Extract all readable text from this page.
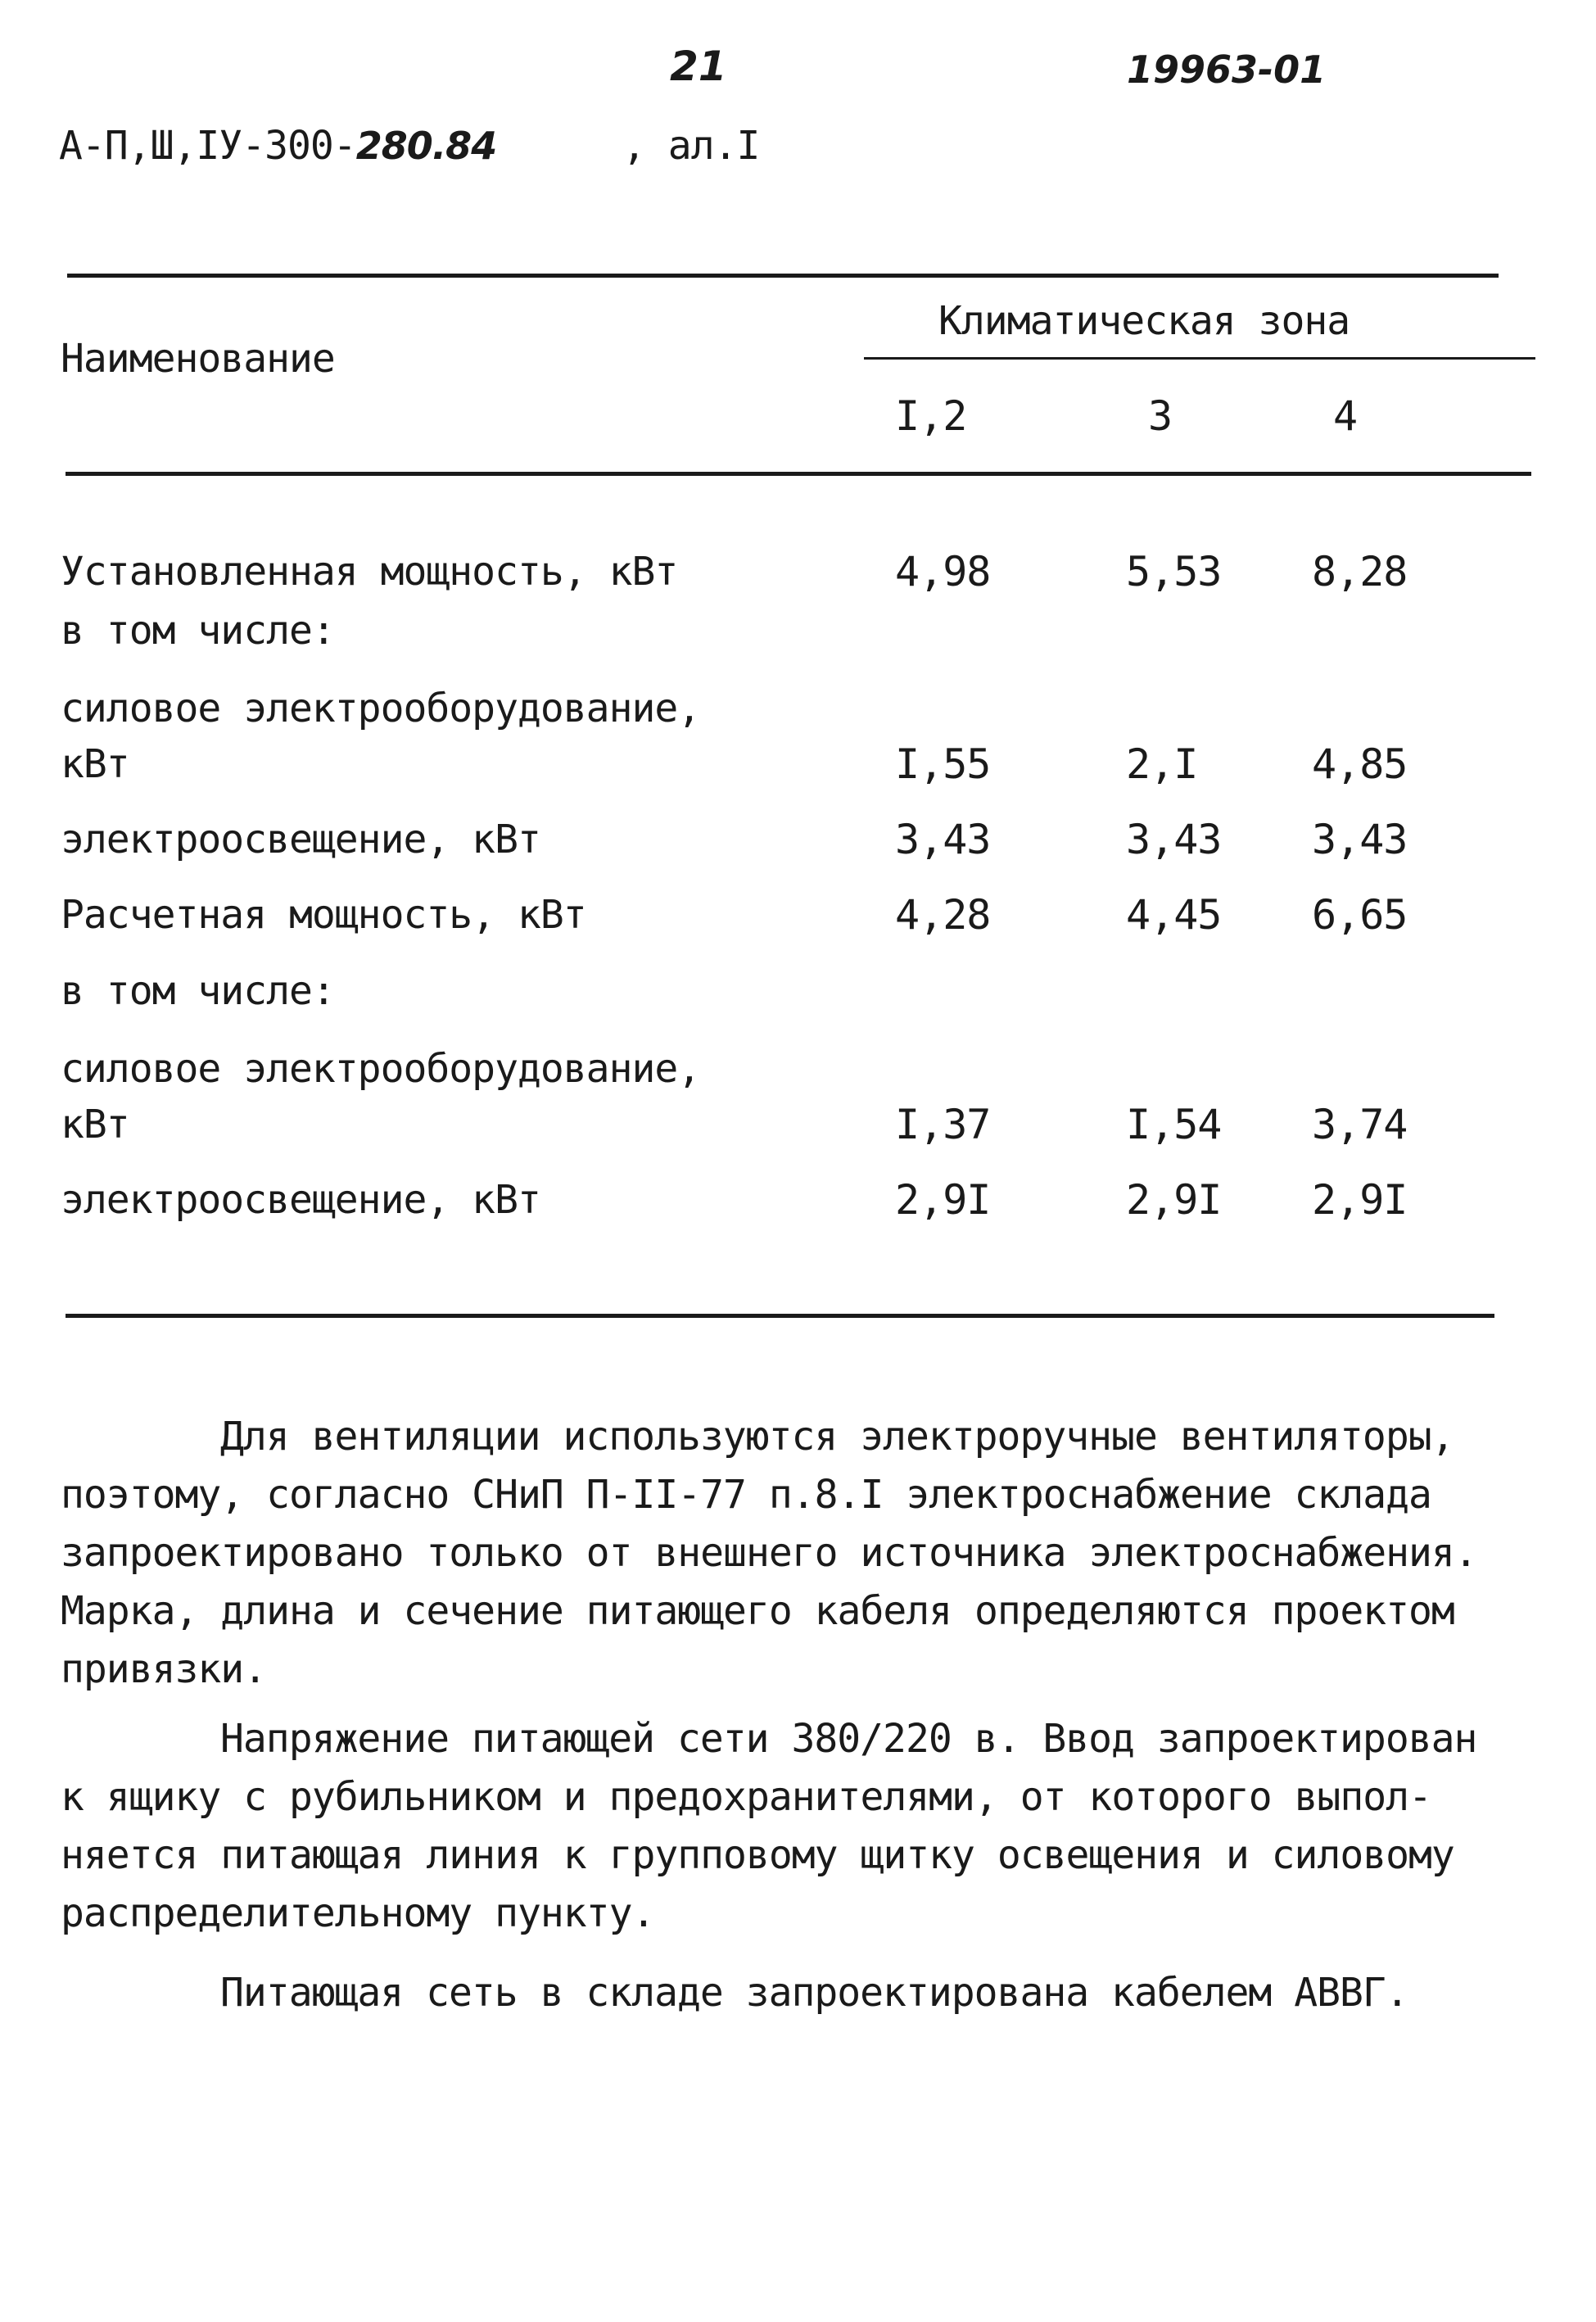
21	19963-01
А-П,Ш,IУ-300-280.84	, ал.I
Наименование
Климатическая зона
I,2	3	4
Установленная мощность, кВт	4,98	5,53 8,28
в том числе:
силовое электрооборудование,
кВт	I,55	2,I	4,85
электроосвещение, кВт	3,43	3,43 3,43
Расчетная мощность, кВт	4,28	4,45 6,65
в том числе:
силовое электрооборудование,
кВт	I,37	I,54 3,74
электроосвещение, кВт	2,9I	2,9I 2,9I

Для вентиляции используются электроручные вентиляторы,

поэтому, согласно СНиП П-II-77 п.8.I электроснабжение склада

запроектировано только от внешнего источника электроснабжения.

Марка, длина и сечение питающего кабеля определяются проектом

привязки.

Напряжение питающей сети 380/220 в. Ввод запроектирован

к ящику с рубильником и предохранителями, от которого выпол-

няется питающая линия к групповому щитку освещения и силовому

распределительному пункту.

Питающая сеть в складе запроектирована кабелем АВВГ.
